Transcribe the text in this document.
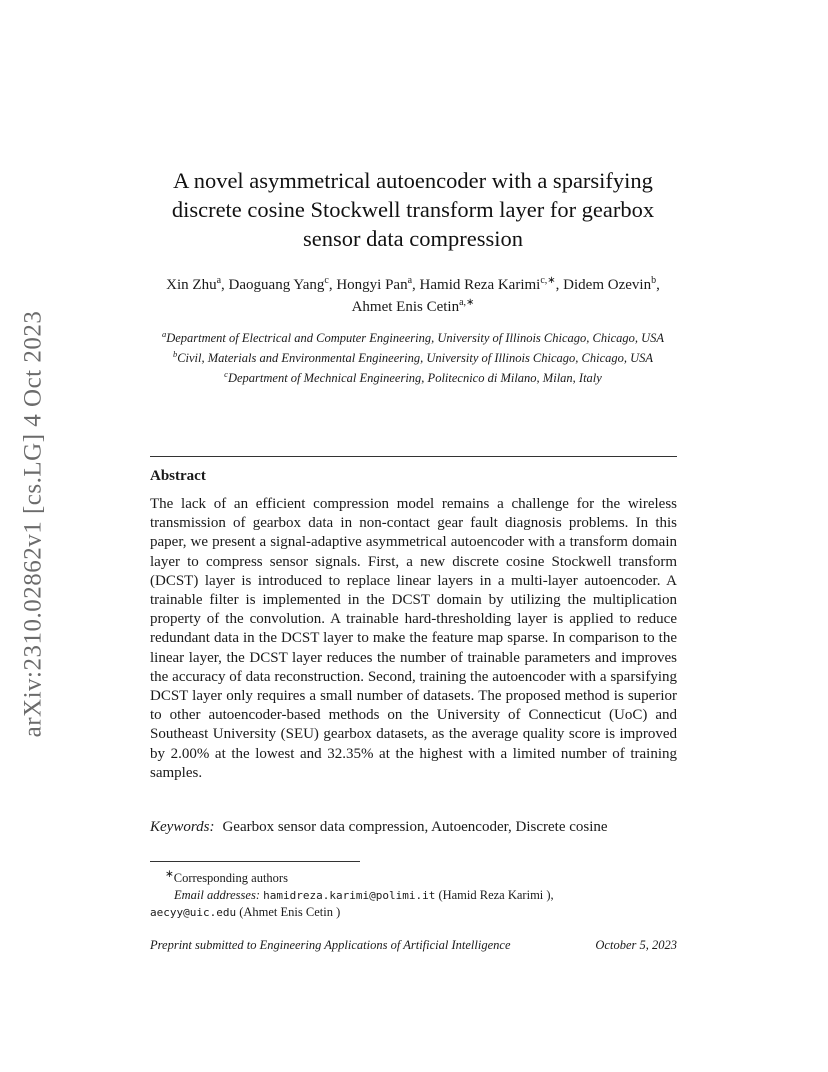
arXiv:2310.02862v1 [cs.LG] 4 Oct 2023
A novel asymmetrical autoencoder with a sparsifying
discrete cosine Stockwell transform layer for gearbox
sensor data compression
Xin Zhu$^a$, Daoguang Yang$^c$, Hongyi Pan$^a$, Hamid Reza Karimi$^{c,∗}$, Didem Ozevin$^b$, Ahmet Enis Cetin$^{a,∗}$

$^a$Department of Electrical and Computer Engineering, University of Illinois Chicago, Chicago, USA

$^b$Civil, Materials and Environmental Engineering, University of Illinois Chicago, Chicago, USA

$^c$Department of Mechnical Engineering, Politecnico di Milano, Milan, Italy

Abstract

The lack of an efficient compression model remains a challenge for the wireless transmission of gearbox data in non-contact gear fault diagnosis problems. In this paper, we present a signal-adaptive asymmetrical autoencoder with a transform domain layer to compress sensor signals. First, a new discrete cosine Stockwell transform (DCST) layer is introduced to replace linear layers in a multi-layer autoencoder. A trainable filter is implemented in the DCST domain by utilizing the multiplication property of the convolution. A trainable hard-thresholding layer is applied to reduce redundant data in the DCST layer to make the feature map sparse. In comparison to the linear layer, the DCST layer reduces the number of trainable parameters and improves the accuracy of data reconstruction. Second, training the autoencoder with a sparsifying DCST layer only requires a small number of datasets. The proposed method is superior to other autoencoder-based methods on the University of Connecticut (UoC) and Southeast University (SEU) gearbox datasets, as the average quality score is improved by 2.00% at the lowest and 32.35% at the highest with a limited number of training samples.

Keywords: Gearbox sensor data compression, Autoencoder, Discrete cosine

∗Corresponding authors

Email addresses: hamidreza.karimi@polimi.it (Hamid Reza Karimi ),

aecyy@uic.edu (Ahmet Enis Cetin )

Preprint submitted to Engineering Applications of Artificial Intelligence	October 5, 2023
